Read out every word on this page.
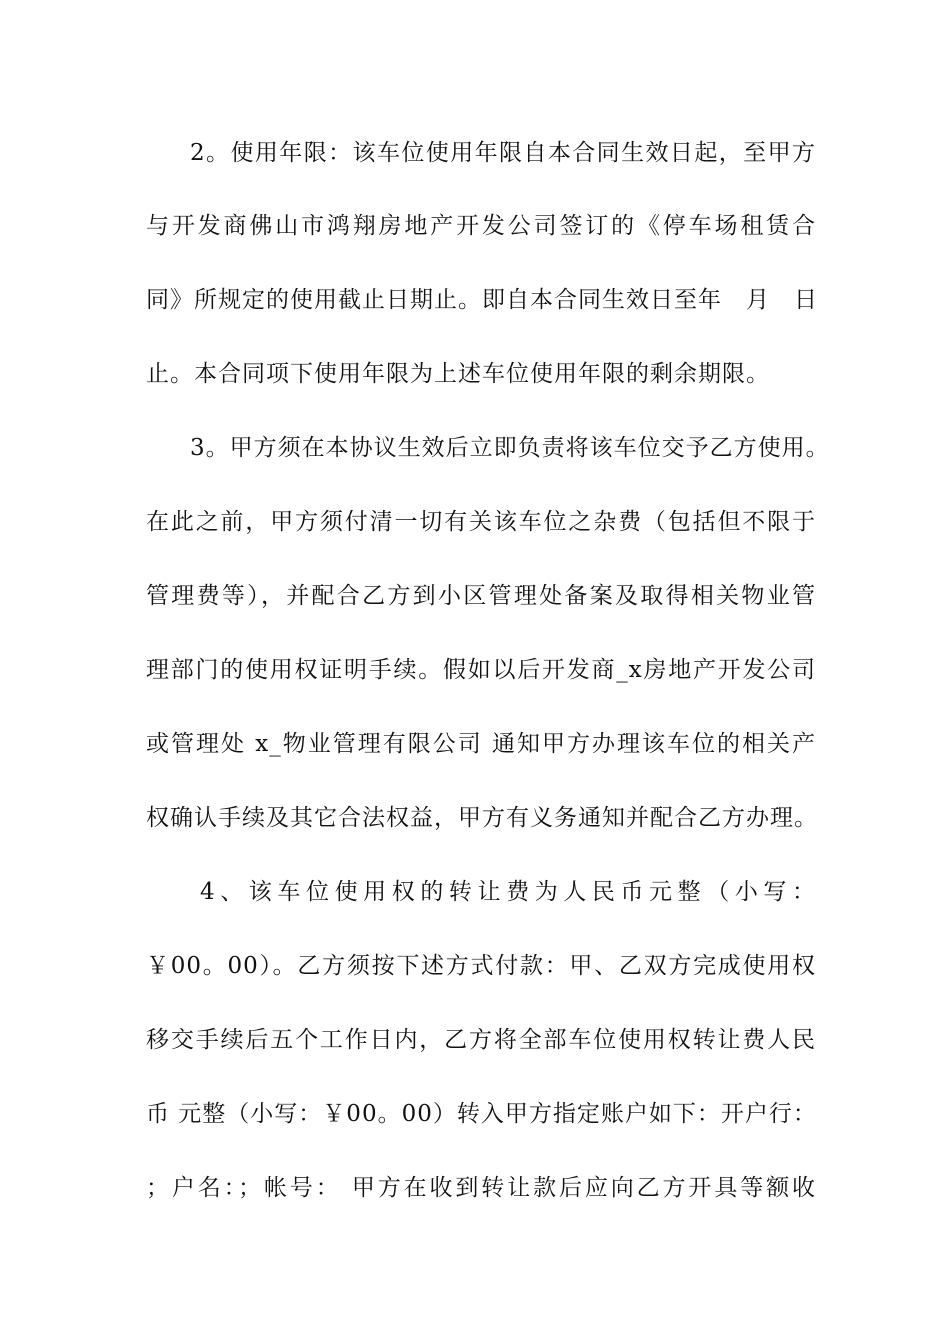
2。使用年限：该车位使用年限自本合同生效日起，至甲方
与开发商佛山市鸿翔房地产开发公司签订的《停车场租赁合
同》所规定的使用截止日期止。即自本合同生效日至年　月　日
止。本合同项下使用年限为上述车位使用年限的剩余期限。
3。甲方须在本协议生效后立即负责将该车位交予乙方使用。
在此之前，甲方须付清一切有关该车位之杂费（包括但不限于
管理费等），并配合乙方到小区管理处备案及取得相关物业管
理部门的使用权证明手续。假如以后开发商_x房地产开发公司
或管理处 x_物业管理有限公司 通知甲方办理该车位的相关产
权确认手续及其它合法权益，甲方有义务通知并配合乙方办理。
4、该车位使用权的转让费为人民币元整（小写：
￥00。00）。乙方须按下述方式付款：甲、乙双方完成使用权
移交手续后五个工作日内，乙方将全部车位使用权转让费人民
币 元整（小写：￥00。00）转入甲方指定账户如下：开户行：
；户名：；帐号： 甲方在收到转让款后应向乙方开具等额收
